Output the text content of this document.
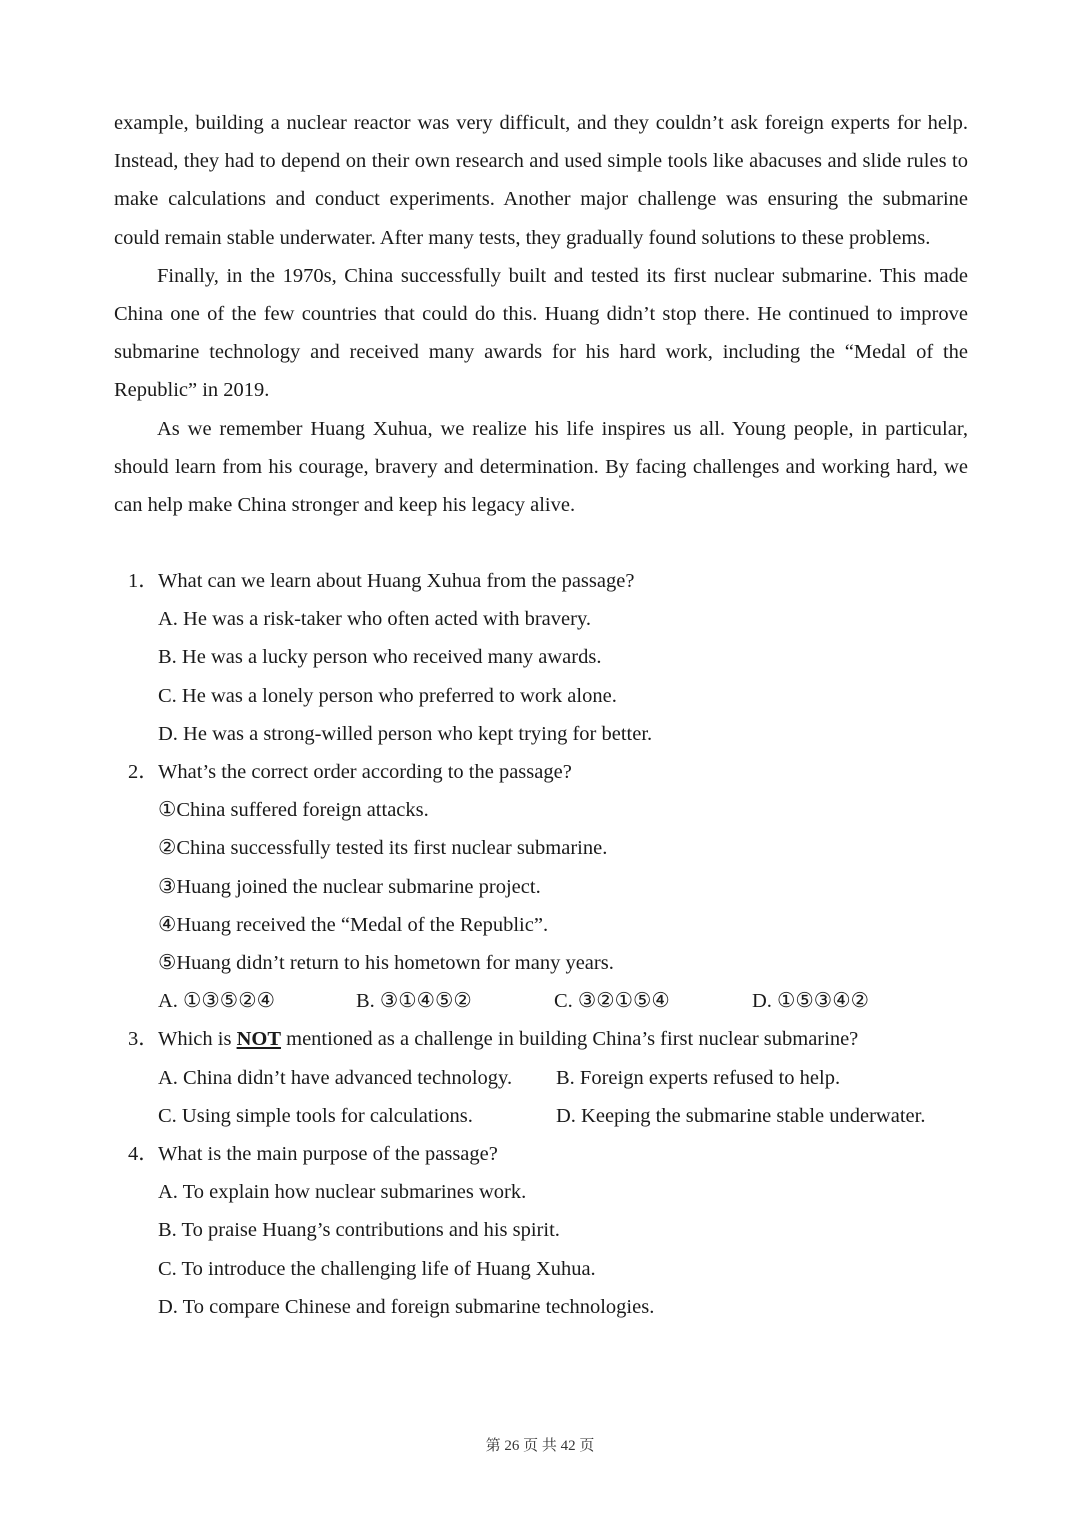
example, building a nuclear reactor was very difficult, and they couldn’t ask foreign experts for help. Instead, they had to depend on their own research and used simple tools like abacuses and slide rules to make calculations and conduct experiments. Another major challenge was ensuring the submarine could remain stable underwater. After many tests, they gradually found solutions to these problems.

Finally, in the 1970s, China successfully built and tested its first nuclear submarine. This made China one of the few countries that could do this. Huang didn’t stop there. He continued to improve submarine technology and received many awards for his hard work, including the “Medal of the Republic” in 2019.

As we remember Huang Xuhua, we realize his life inspires us all. Young people, in particular, should learn from his courage, bravery and determination. By facing challenges and working hard, we can help make China stronger and keep his legacy alive.

1． What can we learn about Huang Xuhua from the passage?
A. He was a risk-taker who often acted with bravery.
B. He was a lucky person who received many awards.
C. He was a lonely person who preferred to work alone.
D. He was a strong-willed person who kept trying for better.
2． What’s the correct order according to the passage?
①China suffered foreign attacks.
②China successfully tested its first nuclear submarine.
③Huang joined the nuclear submarine project.
④Huang received the “Medal of the Republic”.
⑤Huang didn’t return to his hometown for many years.
A. ①③⑤②④	B. ③①④⑤②	C. ③②①⑤④	D. ①⑤③④②
3． Which is NOT mentioned as a challenge in building China’s first nuclear submarine?
A. China didn’t have advanced technology.	B. Foreign experts refused to help.
C. Using simple tools for calculations.	D. Keeping the submarine stable underwater.
4． What is the main purpose of the passage?
A. To explain how nuclear submarines work.
B. To praise Huang’s contributions and his spirit.
C. To introduce the challenging life of Huang Xuhua.
D. To compare Chinese and foreign submarine technologies.
第 26 页 共 42 页
